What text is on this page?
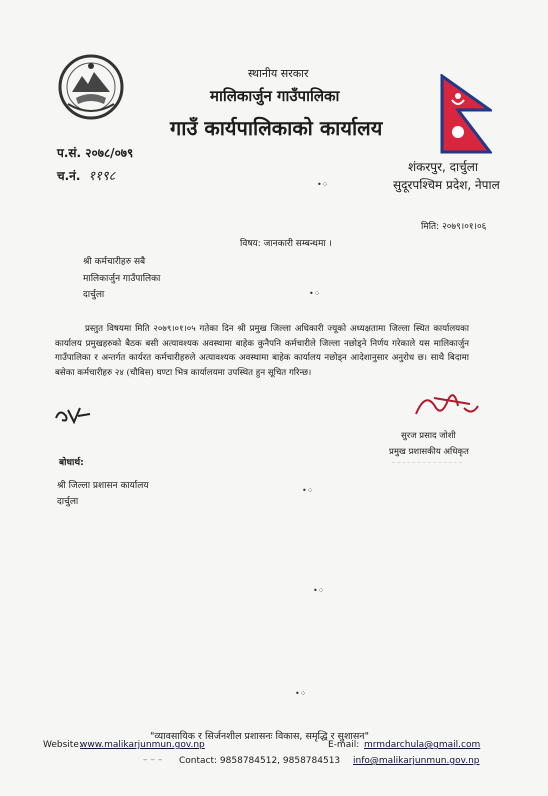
स्थानीय सरकार
मालिकार्जुन गाउँपालिका
गाउँ कार्यपालिकाको कार्यालय
प.सं. २०७८/०७९
च.नं. ११९८
शंकरपुर, दार्चुला
सुदूरपश्चिम प्रदेश, नेपाल
मिति: २०७९।०१।०६
विषय: जानकारी सम्बन्धमा ।
श्री कर्मचारीहरु सबै
मालिकार्जुन गाउँपालिका
दार्चुला

प्रस्तुत विषयमा मिति २०७९।०१।०५ गतेका दिन श्री प्रमुख जिल्ला अधिकारी ज्यूको अध्यक्षतामा जिल्ला स्थित कार्यालयका कार्यालय प्रमुखहरुको बैठक बसी अत्यावश्यक अवस्थामा बाहेक कुनैपनि कर्मचारीले जिल्ला नछोड्ने निर्णय गरेकाले यस मालिकार्जुन गाउँपालिका र अन्तर्गत कार्यरत कर्मचारीहरुले अत्यावश्यक अवस्थामा बाहेक कार्यालय नछोड्न आदेशानुसार अनुरोध छ। साथै बिदामा बसेका कर्मचारीहरु २४ (चौबिस) घण्टा भित्र कार्यालयमा उपस्थित हुन सूचित गरिन्छ।

सुरज प्रसाद जोशी
प्रमुख प्रशासकीय अधिकृत
बोधार्थ:
श्री जिल्ला प्रशासन कार्यालय
दार्चुला
•⁘
•⁘
•⁘
•⁘
•⁘
"व्यावसायिक र सिर्जनशील प्रशासनः विकास, समृद्धि र सुशासन"
Website:
www.malikarjunmun.gov.np	E-mail: mrmdarchula@gmail.com
– – – Contact: 9858784512, 9858784513 info@malikarjunmun.gov.np
